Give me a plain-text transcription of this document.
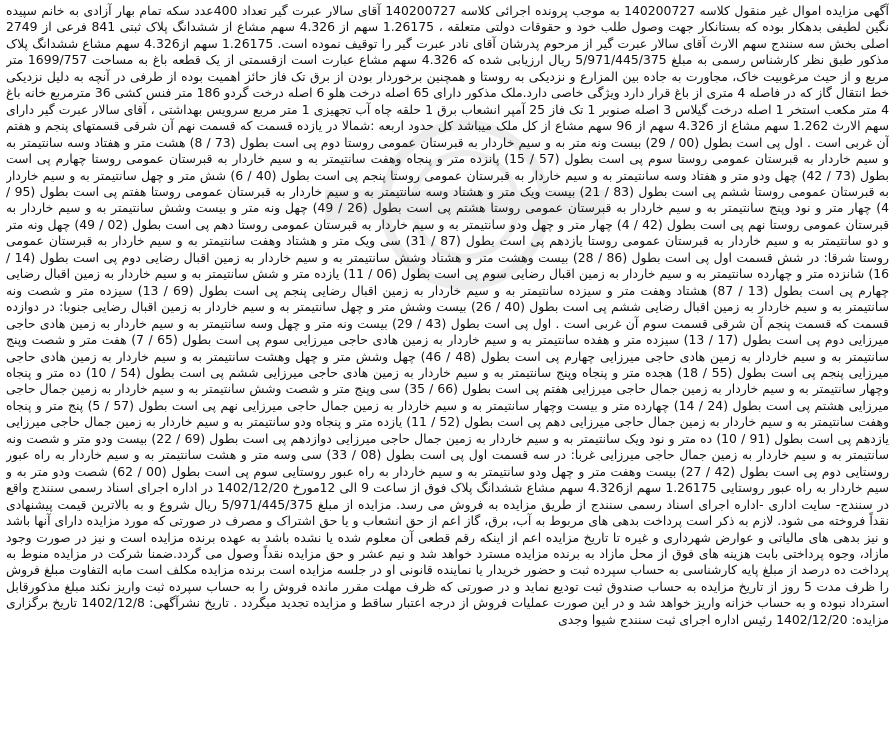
آگهی مزایده اموال غیر منقول کلاسه 140200727 به موجب پرونده اجرائی کلاسه 140200727 آقای سالار عبرت گیر تعداد 400عدد سکه تمام بهار آزادی به خانم سپیده نگین لطیفی بدهکار بوده که بستانکار جهت وصول طلب خود و حقوقات دولتی متعلقه ، 1.26175 سهم از 4.326 سهم مشاع از ششدانگ پلاک ثبتی 841 فرعی از 2749 اصلی بخش سه سنندج سهم الارث آقای سالار عبرت گیر از مرحوم پدرشان آقای نادر عبرت گیر را توقیف نموده است. 1.26175 سهم از4.326 سهم مشاع ششدانگ پلاک مذکور طبق نظر کارشناس رسمی به مبلغ 5/971/445/375 ریال ارزیابی شده که 4.326 سهم مشاع عبارت است ازقسمتی از یک قطعه باغ به مساحت 1699/757 متر مربع و از حیث مرغوبیت خاک، مجاورت به جاده بین المزارع و نزدیکی به روستا و همچنین برخوردار بودن از برق تک فاز حائز اهمیت بوده از طرفی در آنچه به دلیل نزدیکی خط انتقال گاز که در فاصله 4 متری از باغ قرار دارد ویژگی خاصی دارد.ملک مذکور دارای 65 اصله درخت هلو 6 اصله درخت گردو 186 متر فنس کشی 36 مترمربع خانه باغ 4 متر مکعب استخر 1 اصله درخت گیلاس 3 اصله صنوبر 1 تک فاز 25 آمپر انشعاب برق 1 حلقه چاه آب تجهیزی 1 متر مربع سرویس بهداشتی ، آقای سالار عبرت گیر دارای سهم الارث 1.262 سهم مشاع از 4.326 سهم از 96 سهم مشاع از کل ملک میباشد کل حدود اربعه :شمالا در یازده قسمت که قسمت نهم آن شرقی قسمتهای پنجم و هفتم آن غربی است . اول پی است بطول (00 / 29) بیست ونه متر به و سیم خاردار به قبرستان عمومی روستا دوم پی است بطول (73 / 8) هشت متر و هفتاد وسه سانتیمتر به و سیم خاردار به قبرستان عمومی روستا سوم پی است بطول (57 / 15) پانزده متر و پنجاه وهفت سانتیمتر به و سیم خاردار به قبرستان عمومی روستا چهارم پی است بطول (73 / 42) چهل ودو متر و هفتاد وسه سانتیمتر به و سیم خاردار به قبرستان عمومی روستا پنجم پی است بطول (40 / 6) شش متر و چهل سانتیمتر به و سیم خاردار به قبرستان عمومی روستا ششم پی است بطول (83 / 21) بیست ویک متر و هشتاد وسه سانتیمتر به و سیم خاردار به قبرستان عمومی روستا هفتم پی است بطول (95 / 4) چهار متر و نود وپنج سانتیمتر به و سیم خاردار به قبرستان عمومی روستا هشتم پی است بطول (26 / 49) چهل ونه متر و بیست وشش سانتیمتر به و سیم خاردار به قبرستان عمومی روستا نهم پی است بطول (42 / 4) چهار متر و چهل ودو سانتیمتر به و سیم خاردار به قبرستان عمومی روستا دهم پی است بطول (02 / 49) چهل ونه متر و دو سانتیمتر به و سیم خاردار به قبرستان عمومی روستا یازدهم پی است بطول (87 / 31) سی ویک متر و هشتاد وهفت سانتیمتر به و سیم خاردار به قبرستان عمومی روستا شرقا: در شش قسمت اول پی است بطول (86 / 28) بیست وهشت متر و هشتاد وشش سانتیمتر به و سیم خاردار به زمین اقبال رضایی دوم پی است بطول (14 / 16) شانزده متر و چهارده سانتیمتر به و سیم خاردار به زمین اقبال رضایی سوم پی است بطول (06 / 11) یازده متر و شش سانتیمتر به و سیم خاردار به زمین اقبال رضایی چهارم پی است بطول (13 / 87) هشتاد وهفت متر و سیزده سانتیمتر به و سیم خاردار به زمین اقبال رضایی پنجم پی است بطول (69 / 13) سیزده متر و شصت ونه سانتیمتر به و سیم خاردار به زمین اقبال رضایی ششم پی است بطول (40 / 26) بیست وشش متر و چهل سانتیمتر به و سیم خاردار به زمین اقبال رضایی جنوبا: در دوازده قسمت که قسمت پنجم آن شرقی قسمت سوم آن غربی است . اول پی است بطول (43 / 29) بیست ونه متر و چهل وسه سانتیمتر به و سیم خاردار به زمین هادی حاجی میرزایی دوم پی است بطول (17 / 13) سیزده متر و هفده سانتیمتر به و سیم خاردار به زمین هادی حاجی میرزایی سوم پی است بطول (65 / 7) هفت متر و شصت وپنج سانتیمتر به و سیم خاردار به زمین هادی حاجی میرزایی چهارم پی است بطول (48 / 46) چهل وشش متر و چهل وهشت سانتیمتر به و سیم خاردار به زمین هادی حاجی میرزایی پنجم پی است بطول (55 / 18) هجده متر و پنجاه وپنج سانتیمتر به و سیم خاردار به زمین هادی حاجی میرزایی ششم پی است بطول (54 / 10) ده متر و پنجاه وچهار سانتیمتر به و سیم خاردار به زمین جمال حاجی میرزایی هفتم پی است بطول (66 / 35) سی وپنج متر و شصت وشش سانتیمتر به و سیم خاردار به زمین جمال حاجی میرزایی هشتم پی است بطول (24 / 14) چهارده متر و بیست وچهار سانتیمتر به و سیم خاردار به زمین جمال حاجی میرزایی نهم پی است بطول (57 / 5) پنج متر و پنجاه وهفت سانتیمتر به و سیم خاردار به زمین جمال حاجی میرزایی دهم پی است بطول (52 / 11) یازده متر و پنجاه ودو سانتیمتر به و سیم خاردار به زمین جمال حاجی میرزایی یازدهم پی است بطول (91 / 10) ده متر و نود ویک سانتیمتر به و سیم خاردار به زمین جمال حاجی میرزایی دوازدهم پی است بطول (69 / 22) بیست ودو متر و شصت ونه سانتیمتر به و سیم خاردار به زمین جمال حاجی میرزایی غربا: در سه قسمت اول پی است بطول (08 / 33) سی وسه متر و هشت سانتیمتر به و سیم خاردار به راه عبور روستایی دوم پی است بطول (42 / 27) بیست وهفت متر و چهل ودو سانتیمتر به و سیم خاردار به راه عبور روستایی سوم پی است بطول (00 / 62) شصت ودو متر به و سیم خاردار به راه عبور روستایی 1.26175 سهم از4.326 سهم مشاع ششدانگ پلاک فوق از ساعت 9 الی 12مورخ 1402/12/20 در اداره اجرای اسناد رسمی سنندج واقع در سنندج- سایت اداری -اداره اجرای اسناد رسمی سنندج از طریق مزایده به فروش می رسد. مزایده از مبلغ 5/971/445/375 ریال شروع و به بالاترین قیمت پیشنهادی نقداً فروخته می شود. لازم به ذکر است پرداخت بدهی های مربوط به آب، برق، گاز اعم از حق انشعاب و یا حق اشتراک و مصرف در صورتی که مورد مزایده دارای آنها باشد و نیز بدهی های مالیاتی و عوارض شهرداری و غیره تا تاریخ مزایده اعم از اینکه رقم قطعی آن معلوم شده یا نشده باشد به عهده برنده مزایده است و نیز در صورت وجود مازاد، وجوه پرداختی بابت هزینه های فوق از محل مازاد به برنده مزایده مسترد خواهد شد و نیم عشر و حق مزایده نقداً وصول می گردد.ضمنا شرکت در مزایده منوط به پرداخت ده درصد از مبلغ پایه کارشناسی به حساب سپرده ثبت و حضور خریدار یا نماینده قانونی او در جلسه مزایده است برنده مزایده مکلف است مابه التفاوت مبلغ فروش را ظرف مدت 5 روز از تاریخ مزایده به حساب صندوق ثبت تودیع نماید و در صورتی که ظرف مهلت مقرر مانده فروش را به حساب سپرده ثبت واریز نکند مبلغ مذکورقابل استرداد نبوده و به حساب خزانه واریز خواهد شد و در این صورت عملیات فروش از درجه اعتبار ساقط و مزایده تجدید میگردد . تاریخ نشرآگهی: 1402/12/8 تاریخ برگزاری مزایده: 1402/12/20 رئیس اداره اجرای ثبت سنندج شیوا وجدی
